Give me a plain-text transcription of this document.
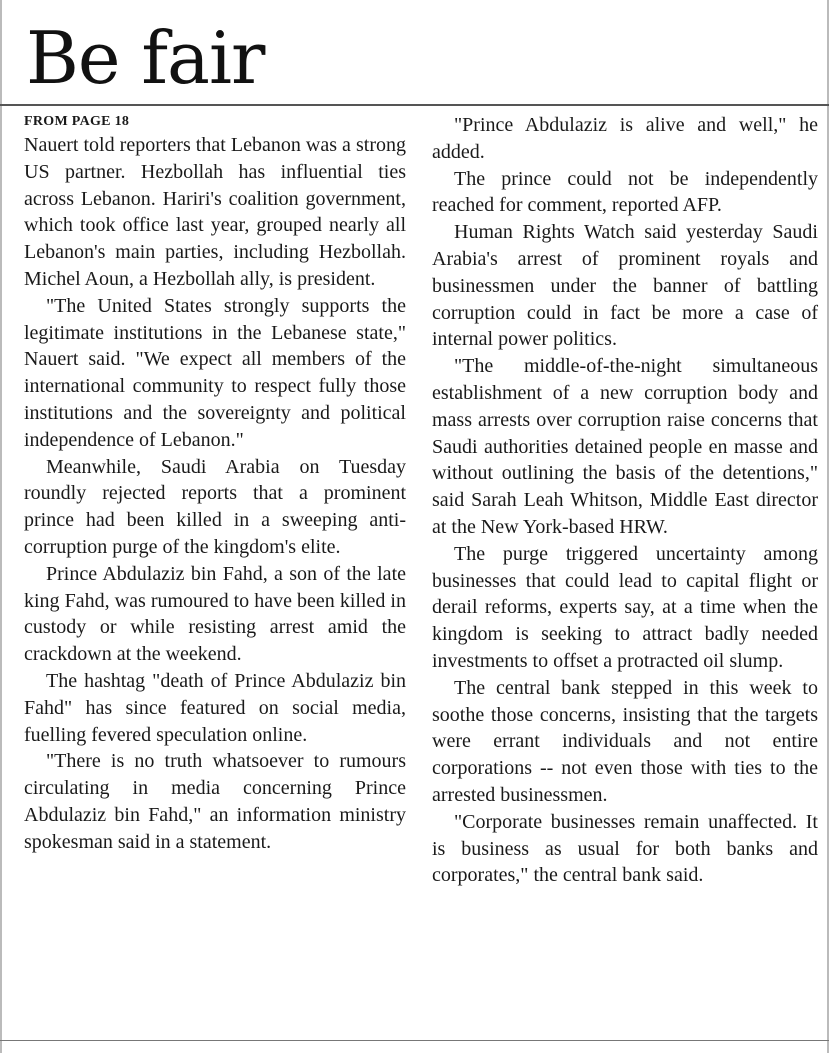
Be fair
FROM PAGE 18

Nauert told reporters that Lebanon was a strong US partner. Hezbollah has influential ties across Lebanon. Hariri's coalition government, which took office last year, grouped nearly all Lebanon's main parties, including Hezbollah. Michel Aoun, a Hezbollah ally, is president.

"The United States strongly supports the legitimate institutions in the Lebanese state," Nauert said. "We expect all members of the international community to respect fully those institutions and the sovereignty and political independence of Lebanon."

Meanwhile, Saudi Arabia on Tuesday roundly rejected reports that a prominent prince had been killed in a sweeping anticorruption purge of the kingdom's elite.

Prince Abdulaziz bin Fahd, a son of the late king Fahd, was rumoured to have been killed in custody or while resisting arrest amid the crackdown at the weekend.

The hashtag "death of Prince Abdulaziz bin Fahd" has since featured on social media, fuelling fevered speculation online.

"There is no truth whatsoever to rumours circulating in media concerning Prince Abdulaziz bin Fahd," an information ministry spokesman said in a statement.

"Prince Abdulaziz is alive and well," he added.

The prince could not be independently reached for comment, reported AFP.

Human Rights Watch said yesterday Saudi Arabia's arrest of prominent royals and businessmen under the banner of battling corruption could in fact be more a case of internal power politics.

"The middle-of-the-night simultaneous establishment of a new corruption body and mass arrests over corruption raise concerns that Saudi authorities detained people en masse and without outlining the basis of the detentions," said Sarah Leah Whitson, Middle East director at the New York-based HRW.

The purge triggered uncertainty among businesses that could lead to capital flight or derail reforms, experts say, at a time when the kingdom is seeking to attract badly needed investments to offset a protracted oil slump.

The central bank stepped in this week to soothe those concerns, insisting that the targets were errant individuals and not entire corporations -- not even those with ties to the arrested businessmen.

"Corporate businesses remain unaffected. It is business as usual for both banks and corporates," the central bank said.
